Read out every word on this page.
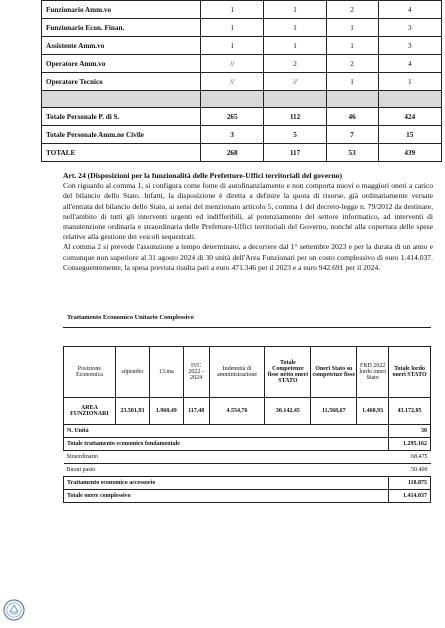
Funzionario Amm.vo	1	1	2	4
Funzionario Econ. Finan.	1	1	1	3
Assistente Amm.vo	1	1	1	3
Operatore Amm.vo	//	2	2	4
Operatore Tecnico	//	//	1	1

Totale Personale P. di S.	265	112	46	424
Totale Personale Amm.ne Civile	3	5	7	15
TOTALE	268	117	53	439

Art. 24 (Disposizioni per la funzionalità delle Prefetture-Uffici territoriali del governo)

Con riguardo al comma 1, si configura come fonte di autofinanziamento e non comporta nuovi o maggiori oneri a carico del bilancio dello Stato. Infatti, la disposizione è diretta a definire la quota di risorse, già ordinariamente versate all'entrata del bilancio dello Stato, ai sensi del menzionato articolo 5, comma 1 del decreto-legge n. 79/2012 da destinare, nell'ambito di tutti gli interventi urgenti ed indifferibili, al potenziamento del settore informatico, ad interventi di manutenzione ordinaria e straordinaria delle Prefetture-Uffici territoriali del Governo, nonché alla copertura delle spese relative alla gestione dei veicoli sequestrati.

Al comma 2 si prevede l'assunzione a tempo determinato, a decorrere dal 1° settembre 2023 e per la durata di un anno e comunque non superiore al 31 agosto 2024 di 30 unità dell'Area Funzionari per un costo complessivo di euro 1.414.037. Conseguentemente, la spesa prevista risulta pari a euro 471.346 per il 2023 e a euro 942.691 per il 2024.

Trattamento Economico Unitario Complessivo
Posizione Economica	stipendio	13.ma	IVC 2022 - 2024	Indennità di amministrazione	Totale Competenze fisse netto oneri STATO	Oneri Stato su competenze fisse	FRD 2022 lordo oneri Stato	Totale lordo oneri STATO
AREA FUNZIONARI	23.501,93	1.968,49	117,48	4.554,76	30.142,45	11.568,67	1.460,93	43.172,05
N. Unità								30
Totale trattamento economico fondamentale								1.295.162
Straordinario								68.475
Buoni pasto								50.400
Trattamento economico accessorio								118.875
Totale onere complessivo								1.414.037
